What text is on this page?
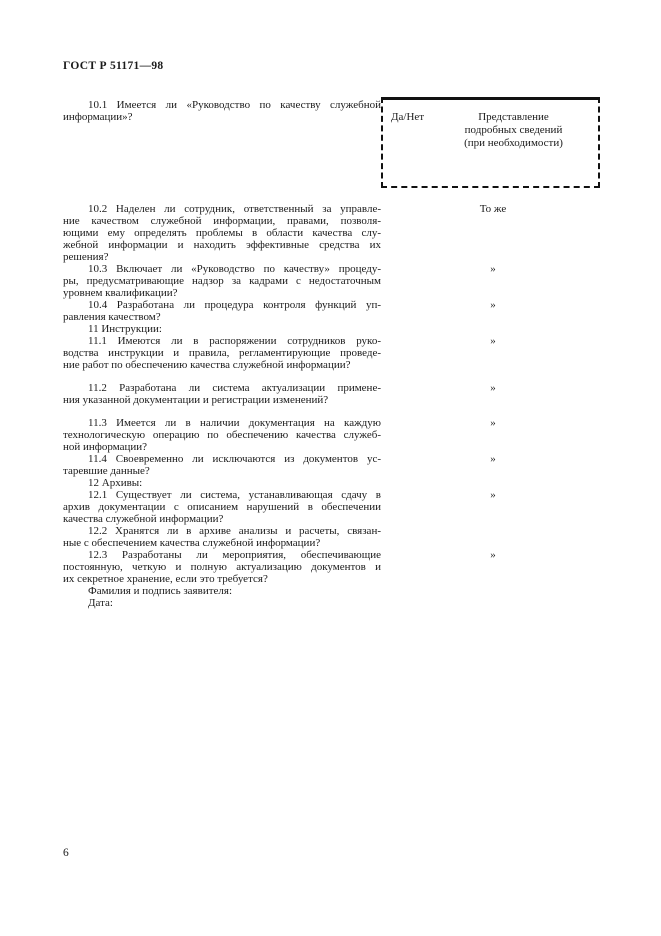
ГОСТ Р 51171—98
Да/Нет	Представление
подробных сведений
(при необходимости)
10.1 Имеется ли «Руководство по качеству служебной
информации»?
10.2 Наделен ли сотрудник, ответственный за управле-
ние качеством служебной информации, правами, позволя-
ющими ему определять проблемы в области качества слу-
жебной информации и находить эффективные средства их
решения?
То же
10.3 Включает ли «Руководство по качеству» процеду-
ры, предусматривающие надзор за кадрами с недостаточным
уровнем квалификации?
»
10.4 Разработана ли процедура контроля функций уп-
равления качеством?
»
11 Инструкции:
11.1 Имеются ли в распоряжении сотрудников руко-
водства инструкции и правила, регламентирующие проведе-
ние работ по обеспечению качества служебной информации?
»
11.2 Разработана ли система актуализации примене-
ния указанной документации и регистрации изменений?
»
11.3 Имеется ли в наличии документация на каждую
технологическую операцию по обеспечению качества служеб-
ной информации?
»
11.4 Своевременно ли исключаются из документов ус-
таревшие данные?
»
12 Архивы:
12.1 Существует ли система, устанавливающая сдачу в
архив документации с описанием нарушений в обеспечении
качества служебной информации?
»
12.2 Хранятся ли в архиве анализы и расчеты, связан-
ные с обеспечением качества служебной информации?
12.3 Разработаны ли мероприятия, обеспечивающие
постоянную, четкую и полную актуализацию документов и
их секретное хранение, если это требуется?
»
Фамилия и подпись заявителя:
Дата:
6
